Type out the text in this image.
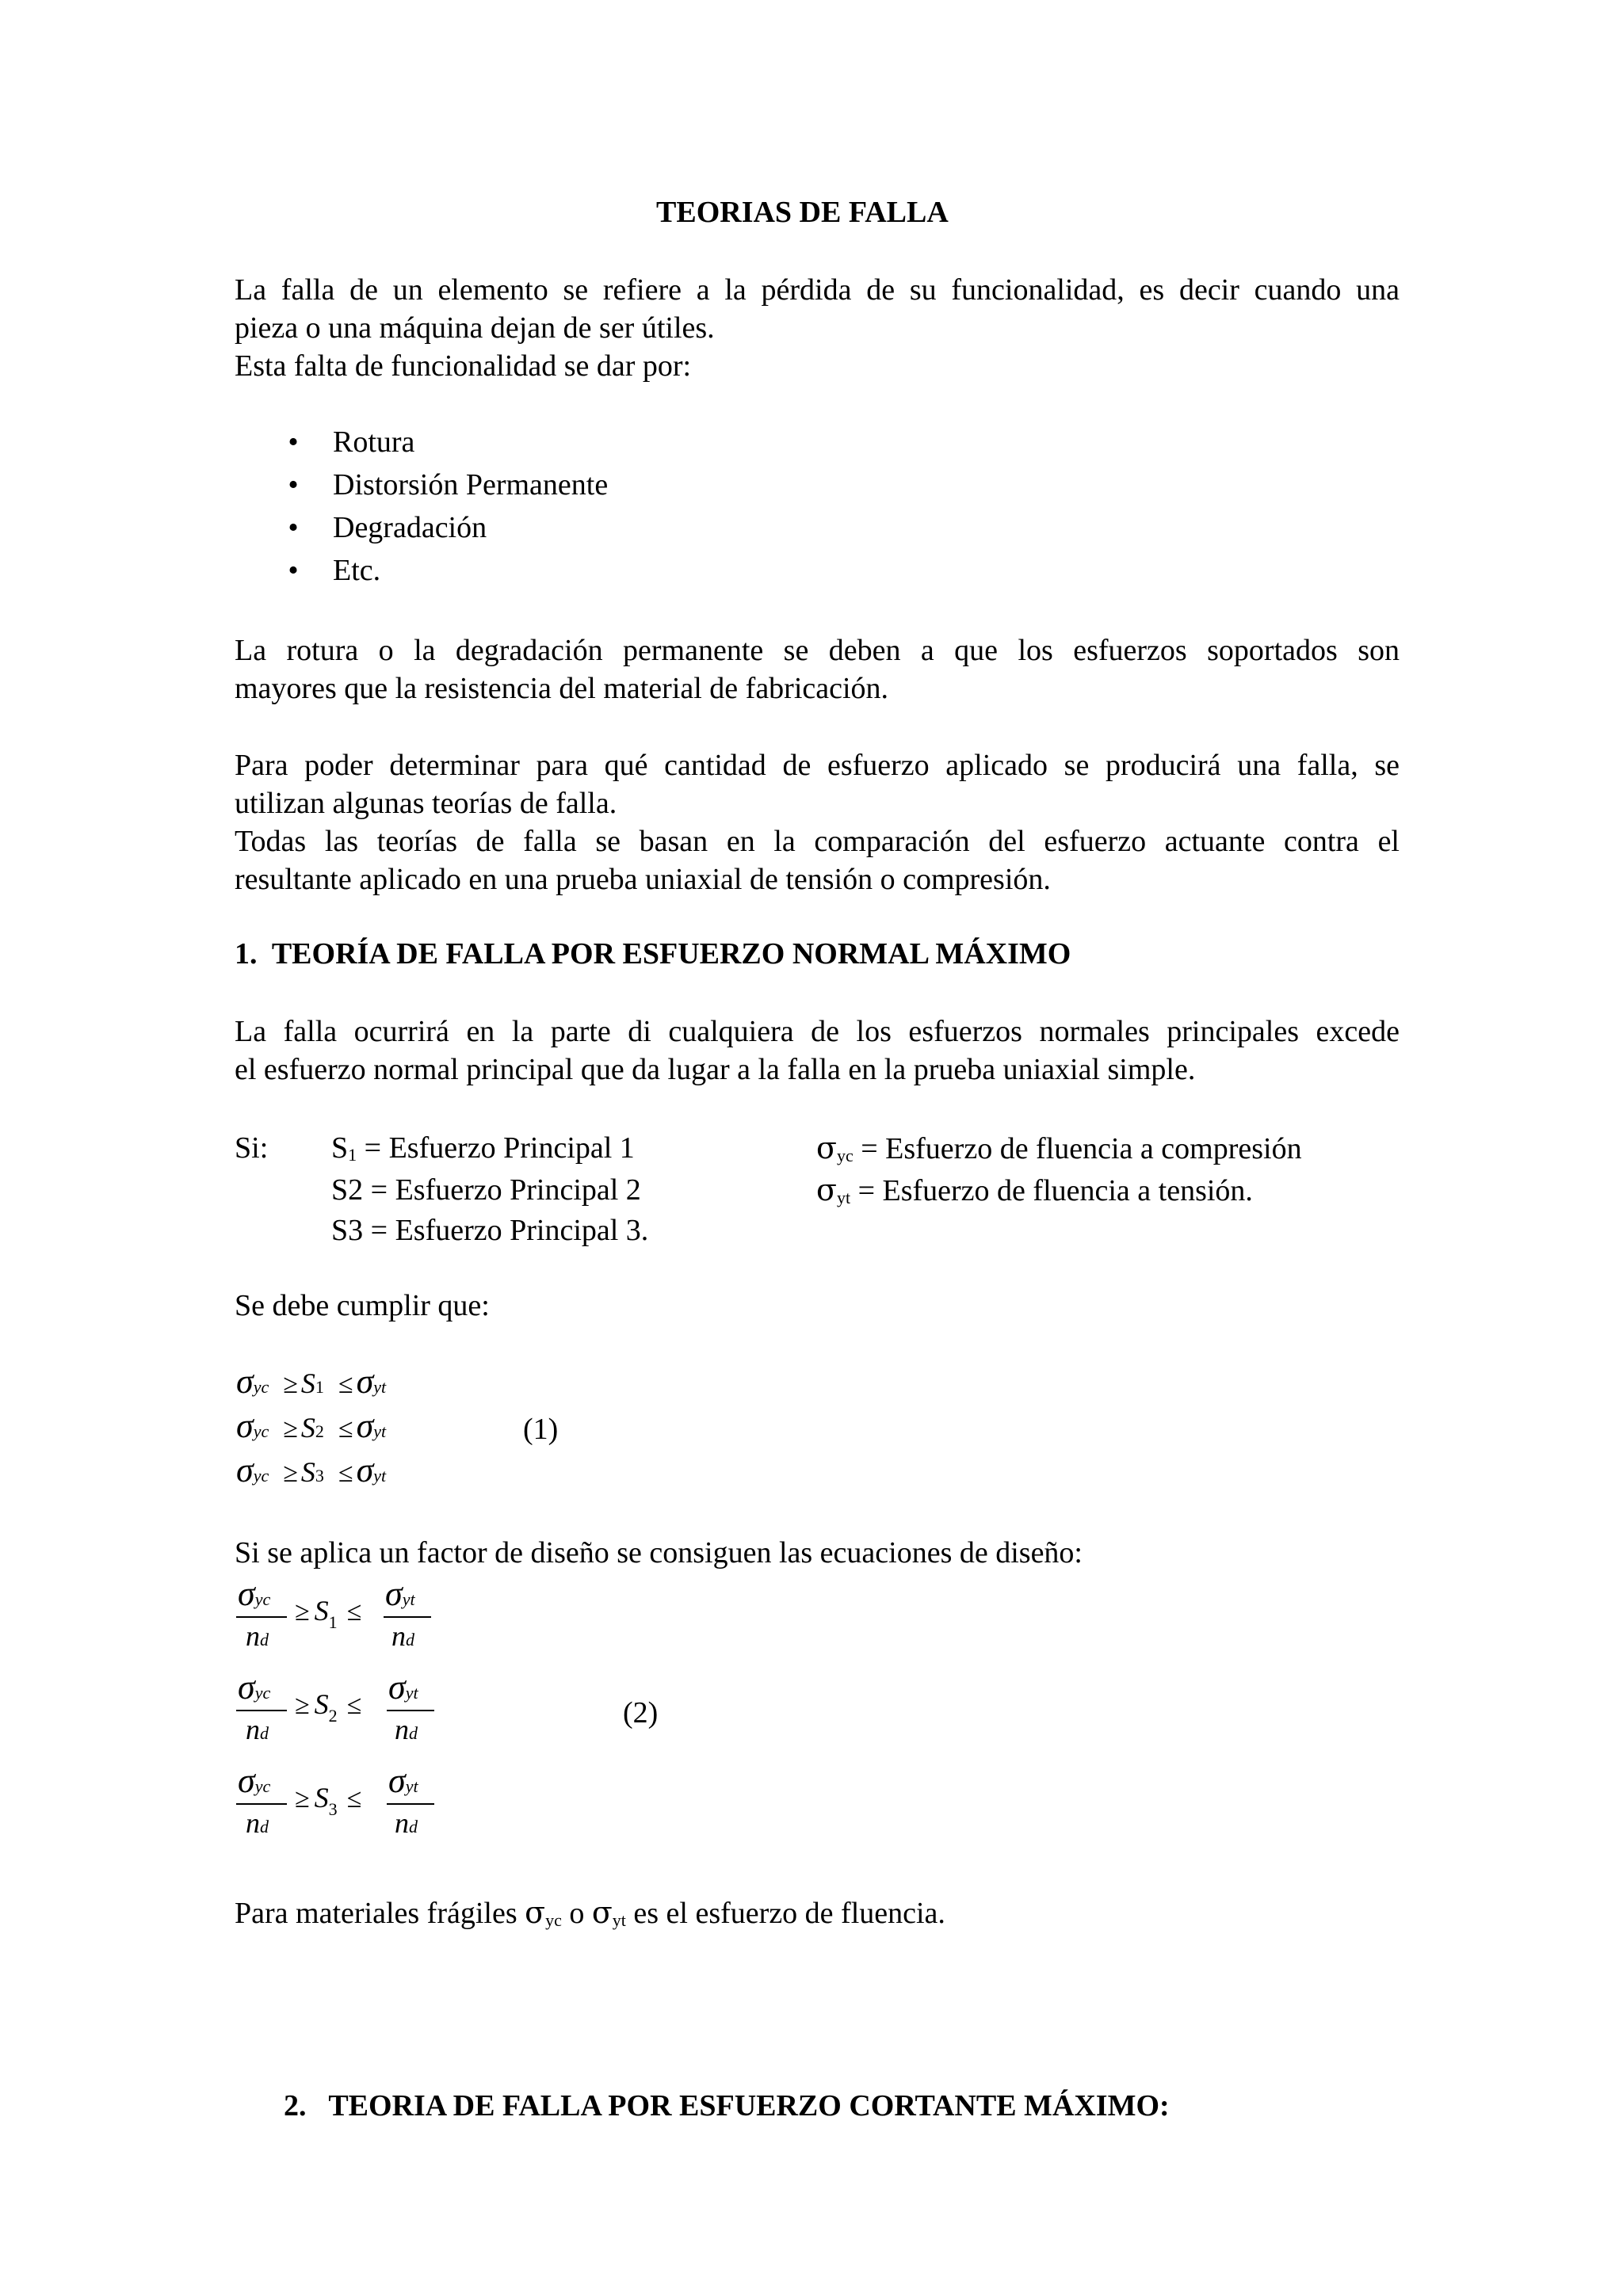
TEORIAS DE FALLA
La falla de un elemento se refiere a la pérdida de su funcionalidad, es decir cuando una
pieza o una máquina dejan de ser útiles.
Esta falta de funcionalidad se dar por:
• Rotura
• Distorsión Permanente
• Degradación
• Etc.
La rotura o la degradación permanente se deben a que los esfuerzos soportados son
mayores que la resistencia del material de fabricación.
Para poder determinar para qué cantidad de esfuerzo aplicado se producirá una falla, se
utilizan algunas teorías de falla.
Todas las teorías de falla se basan en la comparación del esfuerzo actuante contra el
resultante aplicado en una prueba uniaxial de tensión o compresión.
1.  TEORÍA DE FALLA POR ESFUERZO NORMAL MÁXIMO
La falla ocurrirá en la parte di cualquiera de los esfuerzos normales principales excede
el esfuerzo normal principal que da lugar a la falla en la prueba uniaxial simple.
Si: S1 = Esfuerzo Principal 1
S2 = Esfuerzo Principal 2
S3 = Esfuerzo Principal 3.
σyc = Esfuerzo de fluencia a compresión
σyt = Esfuerzo de fluencia a tensión.
Se debe cumplir que:
σyc ≥ S1 ≤σyt
σyc ≥ S2 ≤σyt
σyc ≥ S3 ≤σyt
(1)
Si se aplica un factor de diseño se consiguen las ecuaciones de diseño:
σyc
nd
≥ S1 ≤ σyt
nd
σyc
nd
≥ S2 ≤ σyt
nd
σyc
nd
≥ S3 ≤ σyt
nd
(2)
Para materiales frágiles σyc o σyt es el esfuerzo de fluencia.
2.   TEORIA DE FALLA POR ESFUERZO CORTANTE MÁXIMO:
